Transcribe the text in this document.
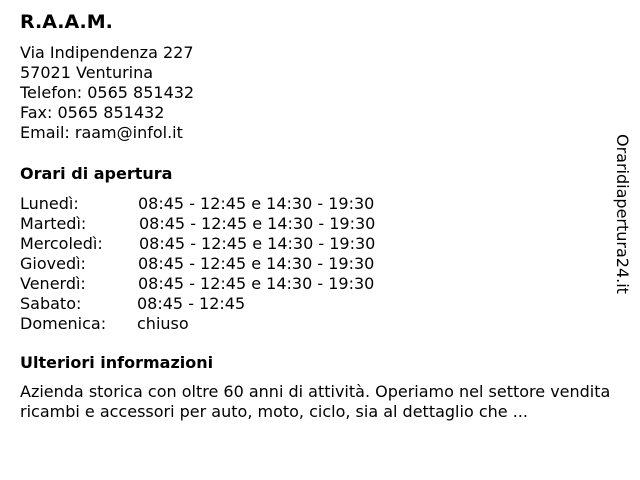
R.A.A.M.
Via Indipendenza 227
57021 Venturina
Telefon: 0565 851432
Fax: 0565 851432
Email: raam@infol.it
Orari di apertura
Lunedì:	08:45 - 12:45 e 14:30 - 19:30
Martedì:	08:45 - 12:45 e 14:30 - 19:30
Mercoledì:	08:45 - 12:45 e 14:30 - 19:30
Giovedì:	08:45 - 12:45 e 14:30 - 19:30
Venerdì:	08:45 - 12:45 e 14:30 - 19:30
Sabato:	08:45 - 12:45
Domenica:	chiuso
Ulteriori informazioni

Azienda storica con oltre 60 anni di attività. Operiamo nel settore vendita ricambi e accessori per auto, moto, ciclo, sia al dettaglio che ...

Oraridiapertura24.it
